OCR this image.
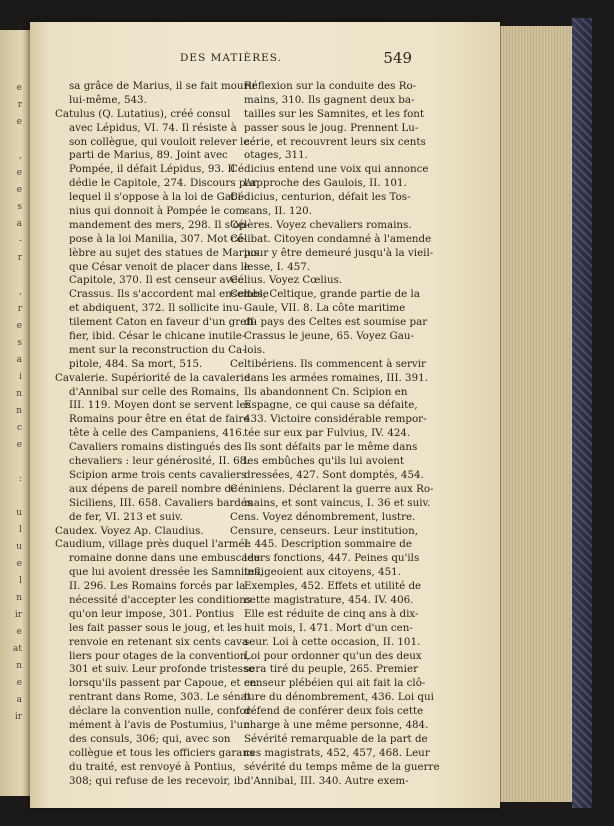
e
r
e

,
e
e
s
a
-
r

,
r
e
s
a
i
n
n
c
e

:

u
l
u
e
l
n
ir
e
at
n
e
a
ir
DES MATIÈRES.	549
sa grâce de Marius, il se fait mourir
lui-même, 543.
Catulus (Q. Lutatius), créé consul
avec Lépidus, VI. 74. Il résiste à
son collègue, qui vouloit relever le
parti de Marius, 89. Joint avec
Pompée, il défait Lépidus, 93. Il
dédie le Capitole, 274. Discours par
lequel il s'oppose à la loi de Gabi-
nius qui donnoit à Pompée le com-
mandement des mers, 298. Il s'op-
pose à la loi Manilia, 307. Mot cé-
lèbre au sujet des statues de Marius
que César venoit de placer dans le
Capitole, 370. Il est censeur avec
Crassus. Ils s'accordent mal ensemble
et abdiquent, 372. Il sollicite inu-
tilement Caton en faveur d'un greff-
fier, ibid. César le chicane inutile-
ment sur la reconstruction du Ca-
pitole, 484. Sa mort, 515.
Cavalerie. Supériorité de la cavalerie
d'Annibal sur celle des Romains,
III. 119. Moyen dont se servent les
Romains pour être en état de faire
tête à celle des Campaniens, 416.
Cavaliers romains distingués des
chevaliers : leur générosité, II. 68.
Scipion arme trois cents cavaliers
aux dépens de pareil nombre de
Siciliens, III. 658. Cavaliers bardés
de fer, VI. 213 et suiv.
Caudex. Voyez Ap. Claudius.
Caudium, village près duquel l'armée
romaine donne dans une embuscade
que lui avoient dressée les Samnites,
II. 296. Les Romains forcés par la
nécessité d'accepter les conditions
qu'on leur impose, 301. Pontius
les fait passer sous le joug, et les
renvoie en retenant six cents cava-
liers pour otages de la convention,
301 et suiv. Leur profonde tristesse
lorsqu'ils passent par Capoue, et en
rentrant dans Rome, 303. Le sénat
déclare la convention nulle, confor-
mément à l'avis de Postumius, l'un
des consuls, 306; qui, avec son
collègue et tous les officiers garans
du traité, est renvoyé à Pontius,
308; qui refuse de les recevoir, ib.
Réflexion sur la conduite des Ro-
mains, 310. Ils gagnent deux ba-
tailles sur les Samnites, et les font
passer sous le joug. Prennent Lu-
cérie, et recouvrent leurs six cents
otages, 311.
Cédicius entend une voix qui annonce
l'approche des Gaulois, II. 101.
Cédicius, centurion, défait les Tos-
cans, II. 120.
Célères. Voyez chevaliers romains.
Célibat. Citoyen condamné à l'amende
pour y être demeuré jusqu'à la vieil-
lesse, I. 457.
Célius. Voyez Cœlius.
Celtes, Celtique, grande partie de la
Gaule, VII. 8. La côte maritime
du pays des Celtes est soumise par
Crassus le jeune, 65. Voyez Gau-
lois.
Celtibériens. Ils commencent à servir
dans les armées romaines, III. 391.
Ils abandonnent Cn. Scipion en
Espagne, ce qui cause sa défaite,
433. Victoire considérable rempor-
tée sur eux par Fulvius, IV. 424.
Ils sont défaits par le même dans
les embûches qu'ils lui avoient
dressées, 427. Sont domptés, 454.
Céniniens. Déclarent la guerre aux Ro-
mains, et sont vaincus, I. 36 et suiv.
Cens. Voyez dénombrement, lustre.
Censure, censeurs. Leur institution,
I. 445. Description sommaire de
leurs fonctions, 447. Peines qu'ils
infligeoient aux citoyens, 451.
Exemples, 452. Effets et utilité de
cette magistrature, 454. IV. 406.
Elle est réduite de cinq ans à dix-
huit mois, I. 471. Mort d'un cen-
seur. Loi à cette occasion, II. 101.
Loi pour ordonner qu'un des deux
sera tiré du peuple, 265. Premier
censeur plébéien qui ait fait la clô-
ture du dénombrement, 436. Loi qui
défend de conférer deux fois cette
charge à une même personne, 484.
Sévérité remarquable de la part de
ces magistrats, 452, 457, 468. Leur
sévérité du temps même de la guerre
d'Annibal, III. 340. Autre exem-
